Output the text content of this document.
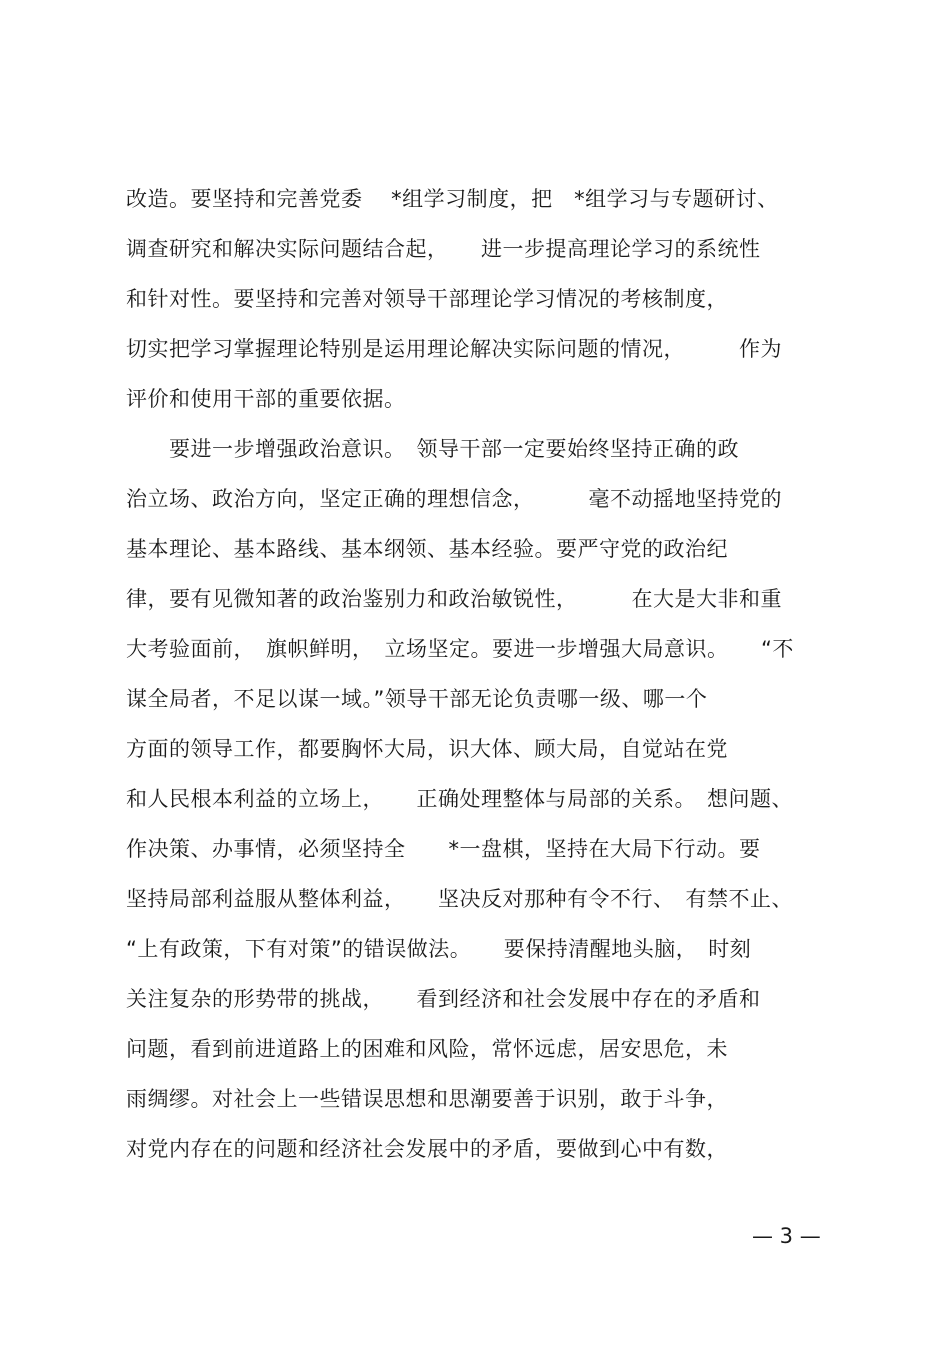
改造。要坚持和完善党委　 *组学习制度，把　*组学习与专题研讨、
调查研究和解决实际问题结合起，　　进一步提高理论学习的系统性
和针对性。要坚持和完善对领导干部理论学习情况的考核制度，
切实把学习掌握理论特别是运用理论解决实际问题的情况，　　　作为
评价和使用干部的重要依据。
　　要进一步增强政治意识。　领导干部一定要始终坚持正确的政
治立场、政治方向，坚定正确的理想信念，　　　毫不动摇地坚持党的
基本理论、基本路线、基本纲领、基本经验。要严守党的政治纪
律，要有见微知著的政治鉴别力和政治敏锐性，　　　在大是大非和重
大考验面前，　旗帜鲜明，　立场坚定。要进一步增强大局意识。　　“不
谋全局者，不足以谋一域。”领导干部无论负责哪一级、哪一个
方面的领导工作，都要胸怀大局，识大体、顾大局，自觉站在党
和人民根本利益的立场上，　　正确处理整体与局部的关系。　想问题、
作决策、办事情，必须坚持全　　*一盘棋，坚持在大局下行动。要
坚持局部利益服从整体利益，　　坚决反对那种有令不行、　有禁不止、
“上有政策，下有对策”的错误做法。　　要保持清醒地头脑，　时刻
关注复杂的形势带的挑战，　　看到经济和社会发展中存在的矛盾和
问题，看到前进道路上的困难和风险，常怀远虑，居安思危，未
雨绸缪。对社会上一些错误思想和思潮要善于识别，敢于斗争，
对党内存在的问题和经济社会发展中的矛盾，要做到心中有数，
— 3 —
